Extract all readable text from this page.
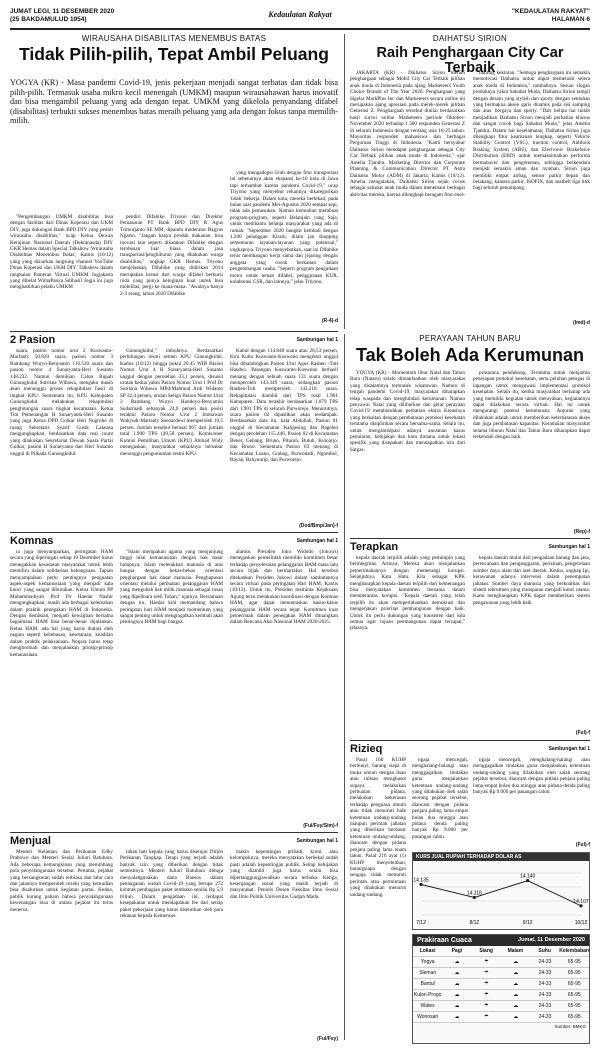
JUMAT LEGI, 11 DESEMBER 2020
(25 BAKDAMULUD 1954)
Kedaulatan Rakyat	"KEDAULATAN RAKYAT"
HALAMAN 6
WIRAUSAHA DISABILITAS MENEMBUS BATAS
Tidak Pilih-pilih, Tepat Ambil Peluang
YOGYA (KR) - Masa pandemi Covid-19, jenis pekerjaan menjadi sangat terbatas dan tidak bisa pilih-pilih. Termasuk usaha mikro kecil menengah (UMKM) maupun wirausahawan harus inovatif dan bisa mengambil peluang yang ada dengan tepat. UMKM yang dikelola penyandang difabel (disabilitas) terbukti sukses menembus batas meraih peluang yang ada dengan fokus tanpa memilih-milih.

"Pengembangan UMKM disabilitas bisa dengan fasilitas dari Dinas Koperasi dan UKM DIY, juga dukungan Bank BPD DIY yang peduli wirausaha disabilitas," ucap Ketua Dewan Kerajinan Nasional Daerah (Dekranasda) DIY GKR Hemas dalam Special Talkshow 'Wirausaha Disabilitas Menembus Batas', Kamis (10/12) yang yang disiarkan langsung channel YouTube Dinas Koperasi dan UKM DIY. Talkshow dalam rangkaian Pameran Virtual UMKM Jogjakarta yang dihelat WimaPanya Sitihasil Jogja ini juga menghadirkan pelaku UMKM

pendiri Difabike Triyono dan Direktur Pemasaran PT Bank BPD DIY R Agus Trimurjanto SE MM, dipandu moderator Bagyas Ngarso. "Jangan hanya produk makanan, bisa inovasi lain seperti dikatakan Difabike dengan terobosan luar biasa dalam jasa transportasi/penghiburan yang dilakukan warga disabilitas," ungkap GKR Hemas. Triyono menjelaskan, Difabike yang didirikan 2014 merupakan kreasi dari warga difabel berkursi roda yang punya keinginan kuat untuk bisa mobilitas, pergi ke mana-mana. "Awalnya hanya 2-3 orang, tahun 2020 Difabike

yang mengadopsi Grab dengan fitur transportasi ini sebenarnya akan ekspansi ke-10 kota di Jawa tapi terhambat karena pandemi Covid-19," ucap Triyono yang menyebut rekannya dikategorikan 'tidak' bekerja. Dalam kota, mereka bertekad, pada bulan saat pandemi Mei-Agustus 2020 sempat sepi, tidak ada pemasukan. Namun kemudian membuat program-program, seperti Belanjain yang Saja, untuk membantu belanja masyarakat yang ada di rumah. "September 2020 bangkit kembali dengan 1.200 pelanggan Kirain, dilalu jan shopping sementaran layanan-layanan yang potensial," ungkapnya. Triyono menyebutkan, saat ini Difabike terus membangun kerja sama dan jejaring dengan anggota yang cocok berkaitan dalam pengembangan usaha. "Seperti program pengadaan motor untuk teman difabel, penggunaan KUR, kolaborasi CSR, dan lainnya," jelas Triyono.

(R-4)-d
DAIHATSU SIRION
Raih Penghargaan City Car Terbaik

JAKARTA (KR) - Daihatsu Sirion meraih penghargaan sebagai Mobil City Car Terbaik pilihan anak muda di Indonesia pada ajang Marketeers Youth Choice Brands of The Year 2020. Penghargaan yang digelar MarkPlus Inc dan Marketeers secara online ini merupakan ajang apresiasi pada merek-merek pilihan Generasi Z. Penghargaan tersebut dinilai berdasarkan hasil survei online Marketeers periode Oktober-November 2020 terhadap 1.300 responden Generasi Z di seluruh Indonesia dengan rentang usia 18-25 tahun. Mayoritas responden mahasiswa dan berbagai Perguruan Tinggi di Indonesia. "Kami bersyukur Daihatsu Sirion mendapat penghargaan sebagai City Car Terbaik pilihan anak muda di Indonesia," ujar Amelia Tjandra, Marketing Director dan Corporate Planning & Communication Director PT Astra Daihatsu Motor (ADM) di Jakarta, Kamis (10/12). Amelia mengatakan, Daihatsu Sirion sejak cocok sebagai sahabat anak muda dalam menemani berbagai aktivitas mereka, karena dilengkapi beragam fitur ener-

tainting kekinian. "Semoga penghargaan ini semakin memotivasi Daihatsu untuk dapat memenuhi selera anak muda di Indonesia," tambahnya. Sesuai slogan produknya yakni Sahabat Muda, Daihatsu Sirion tampil dengan desain yang stylish dan sporty dengan sentuhan yang bermakna aksen garis dinamis pada sisi samping dan atas, bergaya dan sporty. "Dari kelipa hal inilah menjadikan Daihatsu Sirion menjadi perhatian khusus dan sangat cocok bagi Sahabat Muda," jelas Amelia Tjandra. Dalam hal keselamatan, Daihatsu Sirion juga dilengkapi fitur keamanan lengkap, seperti Vehicle Stability Control (VSC), traction control, Antilock Braking System (ABS), dan Electronic Brakeforce Distribution (EBD) untuk memaksimalkan performa bermanuver dan pengereman, sehingga berkendara menjadi semakin aman dan nyaman. Sirion juga memiliki empat airbag, sensor parkir depan dan belakang, kamera parkir, ISOFIX, dan seatbelt tiga titik bagi seluruh penumpang.

(Imd)-d
2 Pasion	Sambungan hal 1

suara, pasion nomor urut 2 Kuswanto-Marfanty 50.820 suara, pasion nomor 3 Bambang Wuryo-Benyamin 116.520 suara dan pasion nomor 4 Sunaryanta-Heri Susanto 148.232. Namun demikian Calon Bupati Gunungkidul Sutrisna Wibawa, mengaku masih akan menunggu proses rekapitulasi hasil di tingkat KPU. Sementara itu, KPU Kabupaten Gunungkidul melakukan rekapitulasi penghitungan suara tingkat kecamatan. Ketua Tim Pemenangan H Sunaryanta-Heri Susanto yang juga Ketua DPD Golkar Heri Nugroho di ruang Sekretaris Syarif Gusik Lakeasa mengungkapkan, berdasarkan data real count yang dilakukan Sekretariat Dewan Suara Partai Golkar, pasion H Sunaryanta dan Heri Susanto unggul di Pilkada Gunungkidul.

Gunungkidul," imbuhnya. Berdasarkan perhitungan resmi semen KPU Gunungkidul, Kamis (10/12) hingga pukul 20.45 WIB Pasion Nomor Urut 4 H Sunaryanta-Heri Susanto unggul dengan perolehan 33,1 persen, disusul urutan kedua yakni Pasion Nomor Urut 1 Prof Dr Sutrisna Wibawa MPd-Mahmud Ardi Widanto SP 32,4 persen, urutan ketiga Pasion Nomor Urut 3 Bambang Wuryo Handoyo-Benyamin Sudarmadi sebanyak 24,0 persen dan posisi terakhir Pasion Nomor Urut 2 Immawan Wahyudi-Martanty Soenardewi memperoleh 10,5 persen. Jumlah tersebut berasal 967 dari jumlah total 1.900 TPS (49,58 persen). Komisioner Komisi Pemilihan Umum (KPU) Ahmad Widy menegaskan, masyarakat sebaiknya bersabar menunggu pengumuman resmi KPU.

Kabul dengan 114.848 suara atau 28,53 persen, Kini Kubu Kuswanto-Kuswono mengikuti unggul bisa dibandingkan Pasion Ulul Agus Rasben -Tuti Hasdwi. Pasangan Kuswanto-Kuswono berhasil menang dengan sebuah suara 131 suara dengan memperoleh 143.349 suara, sedangkan pasion Rasben-Tuti memperoleh 143.218 suara. Rekapitulasi diambil dari TPS total 1.901 Kabupaten. Data terakhir berdasarkan 1.879 TPS dari 1.901 TPS di seluruh Purworejo. Menurutnya, suara pasion 02 dipastikan akan terdampak. Berdasarkan data itu, kata Abdullah, Pasion 01 unggul di Kecamatan Kaligesing dan Bagelen dengan perolehan 115.446, Pasion 02 di Kecamatan Bener, Gebang, Bruno, Pituruh, Butuh, Kutoarjo, dan Bruno. Sementara Pasion 03 menang di Kecamatan Loano, Grabag, Purwodadi, Ngombol, Bayan, Banyuurip, dan Purworejo.

(Dod/Bmp/Jan)-f
Komnas	Sambungan hal 1

ia juga menyampaikan, peringatan HAM secara yang diperingati setiap 10 Desember harus menegakkan kesadaran masyarakat untuk lebih memiliru dalam solidaritas kebangsaan. Tapian menyampaikan perlu pentingnya penguatan aspek-aspek kemanusiaan yang menjadi kata kunci yang sangat diburukan. Ketua Umum PP Muhammadiyah Prof Dr Haedar Nashir mengungkapkan, masih ada berbagai kelemahan dalam praktik penegakan HAM di Indonesia. Dengan demikian, menjadi kewajiban bersama bagaimana HAM bisa benar-benar dijalankan. Ketua HAM, ada hal yang harus diatasi oleh negara seperti kebebasan, kesetaraan, keadilan dalam praktik pelaksanaan. Negara harus tetap menghormati dan menjalankan prinsip-prinsip kemanusiaan.

"Islam merupakan agama yang menjunjung tinggi nilai kemanusiaan dengan hak dasar hidupnya. Islam meletakkan manusia di atas bangsa dengan bekas-bekas orientasi penghargaan hak dasar manusia. Penghapusan orientasi melalui perbuatan pelanggaran HAM yang mengubah hak milik manusia sebagai insan yang dipelihara oleh Tuhan," ujarnya. Bersamaan dengan itu, Haedar kini memandang bahwa peringatan hari HAM menjadi momentum yang sangat penting untuk mengingatkan kembali akan pentingnya HAM bagi bangsa.

alamin. Presiden Joko Widodo (Jokowi) menegaskan pemerintah memiliki komitmen besar terhadap penyelesaian pelanggaran HAM masa lalu secara bijak dan bermartabat. Hal tersebut ditekankan Presiden Jokowi dalam sambutannya secara virtual pada peringatan Hari HAM, Kamis (10/12). Untuk itu, Presiden meminta Kejaksaan Agung terus melakukan koordinasi dengan Komnas HAM, agar dapat menuntaskan kasus-kasus pelanggaran HAM secara tepat. Komitmen kuat pemerintah dalam penegakan HAM dituangkan dalam Rencana Aksi Nasional HAM 2020-2025.

(Ful/Fsy/Sim)-f
Menjual	Sambungan hal 1

Menteri Kelautan dan Perikanan Edhy Prabowo dan Menteri Sosial Juliari Batubara. Ada beberapa kemungkinan yang menimbang pola penyelahgunaan tersebut. Pertama, pejabat yang bersangkutan sudah terbiasa dan tahu cara dan jalannya memperoleh rezeki yang kemudian bisa disalurkan untuk kegiatan partai. Kedua, publik kurang paham bahwa penyalahgunaan kewenangan bisa di antara pejabat itu terus menerus.

tahan hati kepala yang harus disetujui Dirjen Perikanan Tangkap. Tetapi yang terjadi adalah banyak izin yang diberikan dengan tidak semestinya. Menteri Juliari Batubara diduga menyalahgunakan dana Bansos dalam penanganan wabah Covid-19 yang berupa 272 kontrak pembagian paket sembako senilai Rp 5,9 triliun. Dalam pengadaan ini, terdapat kesepakatan untuk mendapatkan fee dari setiap paket pekerjaan yang harus disetorkan oleh para rekanan kepada Kemensos.

makin kepentingan pribadi, kroni, atau kelompoknya, mereka menyatakan berbekal sudah pasti adalah kepentingan publik. Setiap kebijakan yang diambil juga harus selalu bisa dipertanggungjawabkan secara terbuka. Ketiga, kesenjangan sosial yang masih terjadi di masyarakat. Penulis Dosen Fakultas Ilmu Sosial dan Ilmu Politik Universitas Gadjah Mada.

(Ful/Fsy)
PERAYAAN TAHUN BARU
Tak Boleh Ada Kerumunan

YOGYA (KR) - Momentum libur Natal dan Tahun Baru (Nataru) selalu dimanfaatkan oleh masyarakat yang didalamnya termasuk wisatawan. Namun di tengah pandemi Covid-19, masyarakat diharapkan tetap waspada dan menghindari kerumunan. Namun penyawai Natal yang diliburkan dan gelar perayaan Covid-19 membutuhkan perhatian ekstra Kreasinya yang berkaitan dengan pembatasan protokol kesehatan terutama disiplinkan secara bersama-sama. Selain itu, untuk mengantisipasi adanya ancaman kasus penularan, kebijakan dan kota dimana untuk lokasi spesifik yang disepakati dan mendapatkan izin dari Satgas.

prasarana pendukung. Terutama untuk menjamin penerapan protokol kesehatan, serta peluhan petugas di lapangan untuk mengawasi implementasi protokol kesehatan. Selain itu, ketika masyarakat berharap ada yang memiliki kegiatan untuk merayakan, kegiatannya dapat dilakukan secara virtual. Hal ini untuk mengurangi potensi kerumunan. Anjuran yang dilakukan adalah untuk memberikan keterbatasan akses dan juga pembatasan kapasitas. Keramaian masyarakat selama liburan Natal dan Tahun Baru diharapkan dapat terkendali dengan baik.

(Rep)-f
Terapkan	Sambungan hal 1

kepala daerah terpilih adalah yang pemimpin yang berintegritas. Artinya, Mereka akan menjalankan pemerintahannya dengan memerangi korupsi. Selanjutnya Kata Hatu. Kita sebagai KPK mengharapkan kepala daerah terpilih dari kemenangan bisa menyatakan komitmen bersama dalam memberantas korupsi. "Kepala daerah yang telah terpilih itu akan mempertahankan demokrasi dan mengerjakan prioritas pembangunan dengan baik. Untuk itu perlu dukungan yang konsisten dari kita semua agar tujuan pembangunan dapat tercapai," jelasnya.

kepala daerah mulai dari pengadaan barang dan jasa, perencanaan dan penganggaran, perizinan, pengelolaan sumber daya alam dan aset daerah. Kedua, ungkap Ipi, kerawanan adanya intervensi dalam penempatan jabatan. Sumber daya manusia yang berkualitas dan sistem rekrutmen yang transparan menjadi kunci utama. Kami mengharapkan KPK dapat memberikan sistem pengawasan yang lebih baik.

(Ful)-f
Rizieq	Sambungan hal 1

Pasal 160 KUHP berbunyi, barang siapa di muka umum dengan lisan atau tulisan menghasut supaya melakukan perbuatan pidana, melakukan kekerasan terhadap penguasa umum atau tidak menuruti baik ketentuan undang-undang maupun perintah jabatan yang diberikan berdasar ketentuan undang-undang, diancam dengan pidana penjara paling lama enam tahun. Pasal 216 ayat (1) KUHP menyebutkan, barangsiapa dengan sengaja tidak menuruti perintah atau permintaan yang dilakukan menurut undang-undang.

ngaja mencegah, menghalang-halangi atau menggagalkan tindakan guna menjalankan ketentuan undang-undang yang dilakukan oleh salah seorang pejabat tersebut, diancam dengan pidana penjara paling lama empat bulan dua minggu atau pidana denda paling banyak Rp 9.000 per pasangan calon.

ngaja mencegah, menghalang-halangi atau menggagalkan tindakan guna menjalankan ketentuan undang-undang yang dilakukan oleh salah seorang pejabat tersebut, diancam dengan pidana penjara paling lama empat bulan dua minggu atau pidana denda paling banyak Rp 9.000 per pasangan calon.

(Ful)-f
KURS JUAL RUPIAH TERHADAP DOLAR AS
14.135
7/12
14.118
8/12
14.140
9/12
14.107
10/12
Prakiraan Cuaca	Jumat, 11 Desember 2020
Lokasi	Pagi	Siang	Malam	Suhu	Kelembaban
Yogya	☁	☂	☁	24-33	65-95
Sleman	☁	☂	☁	24-33	65-95
Bantul	☁	☂	☁	24-33	65-95
Kulon Progo	☁	☂	☁	24-33	65-95
Wates	☁	☂	☁	24-33	65-95
Wonosari	☁	☂	☁	24-33	65-95
Sumber: BMKG
